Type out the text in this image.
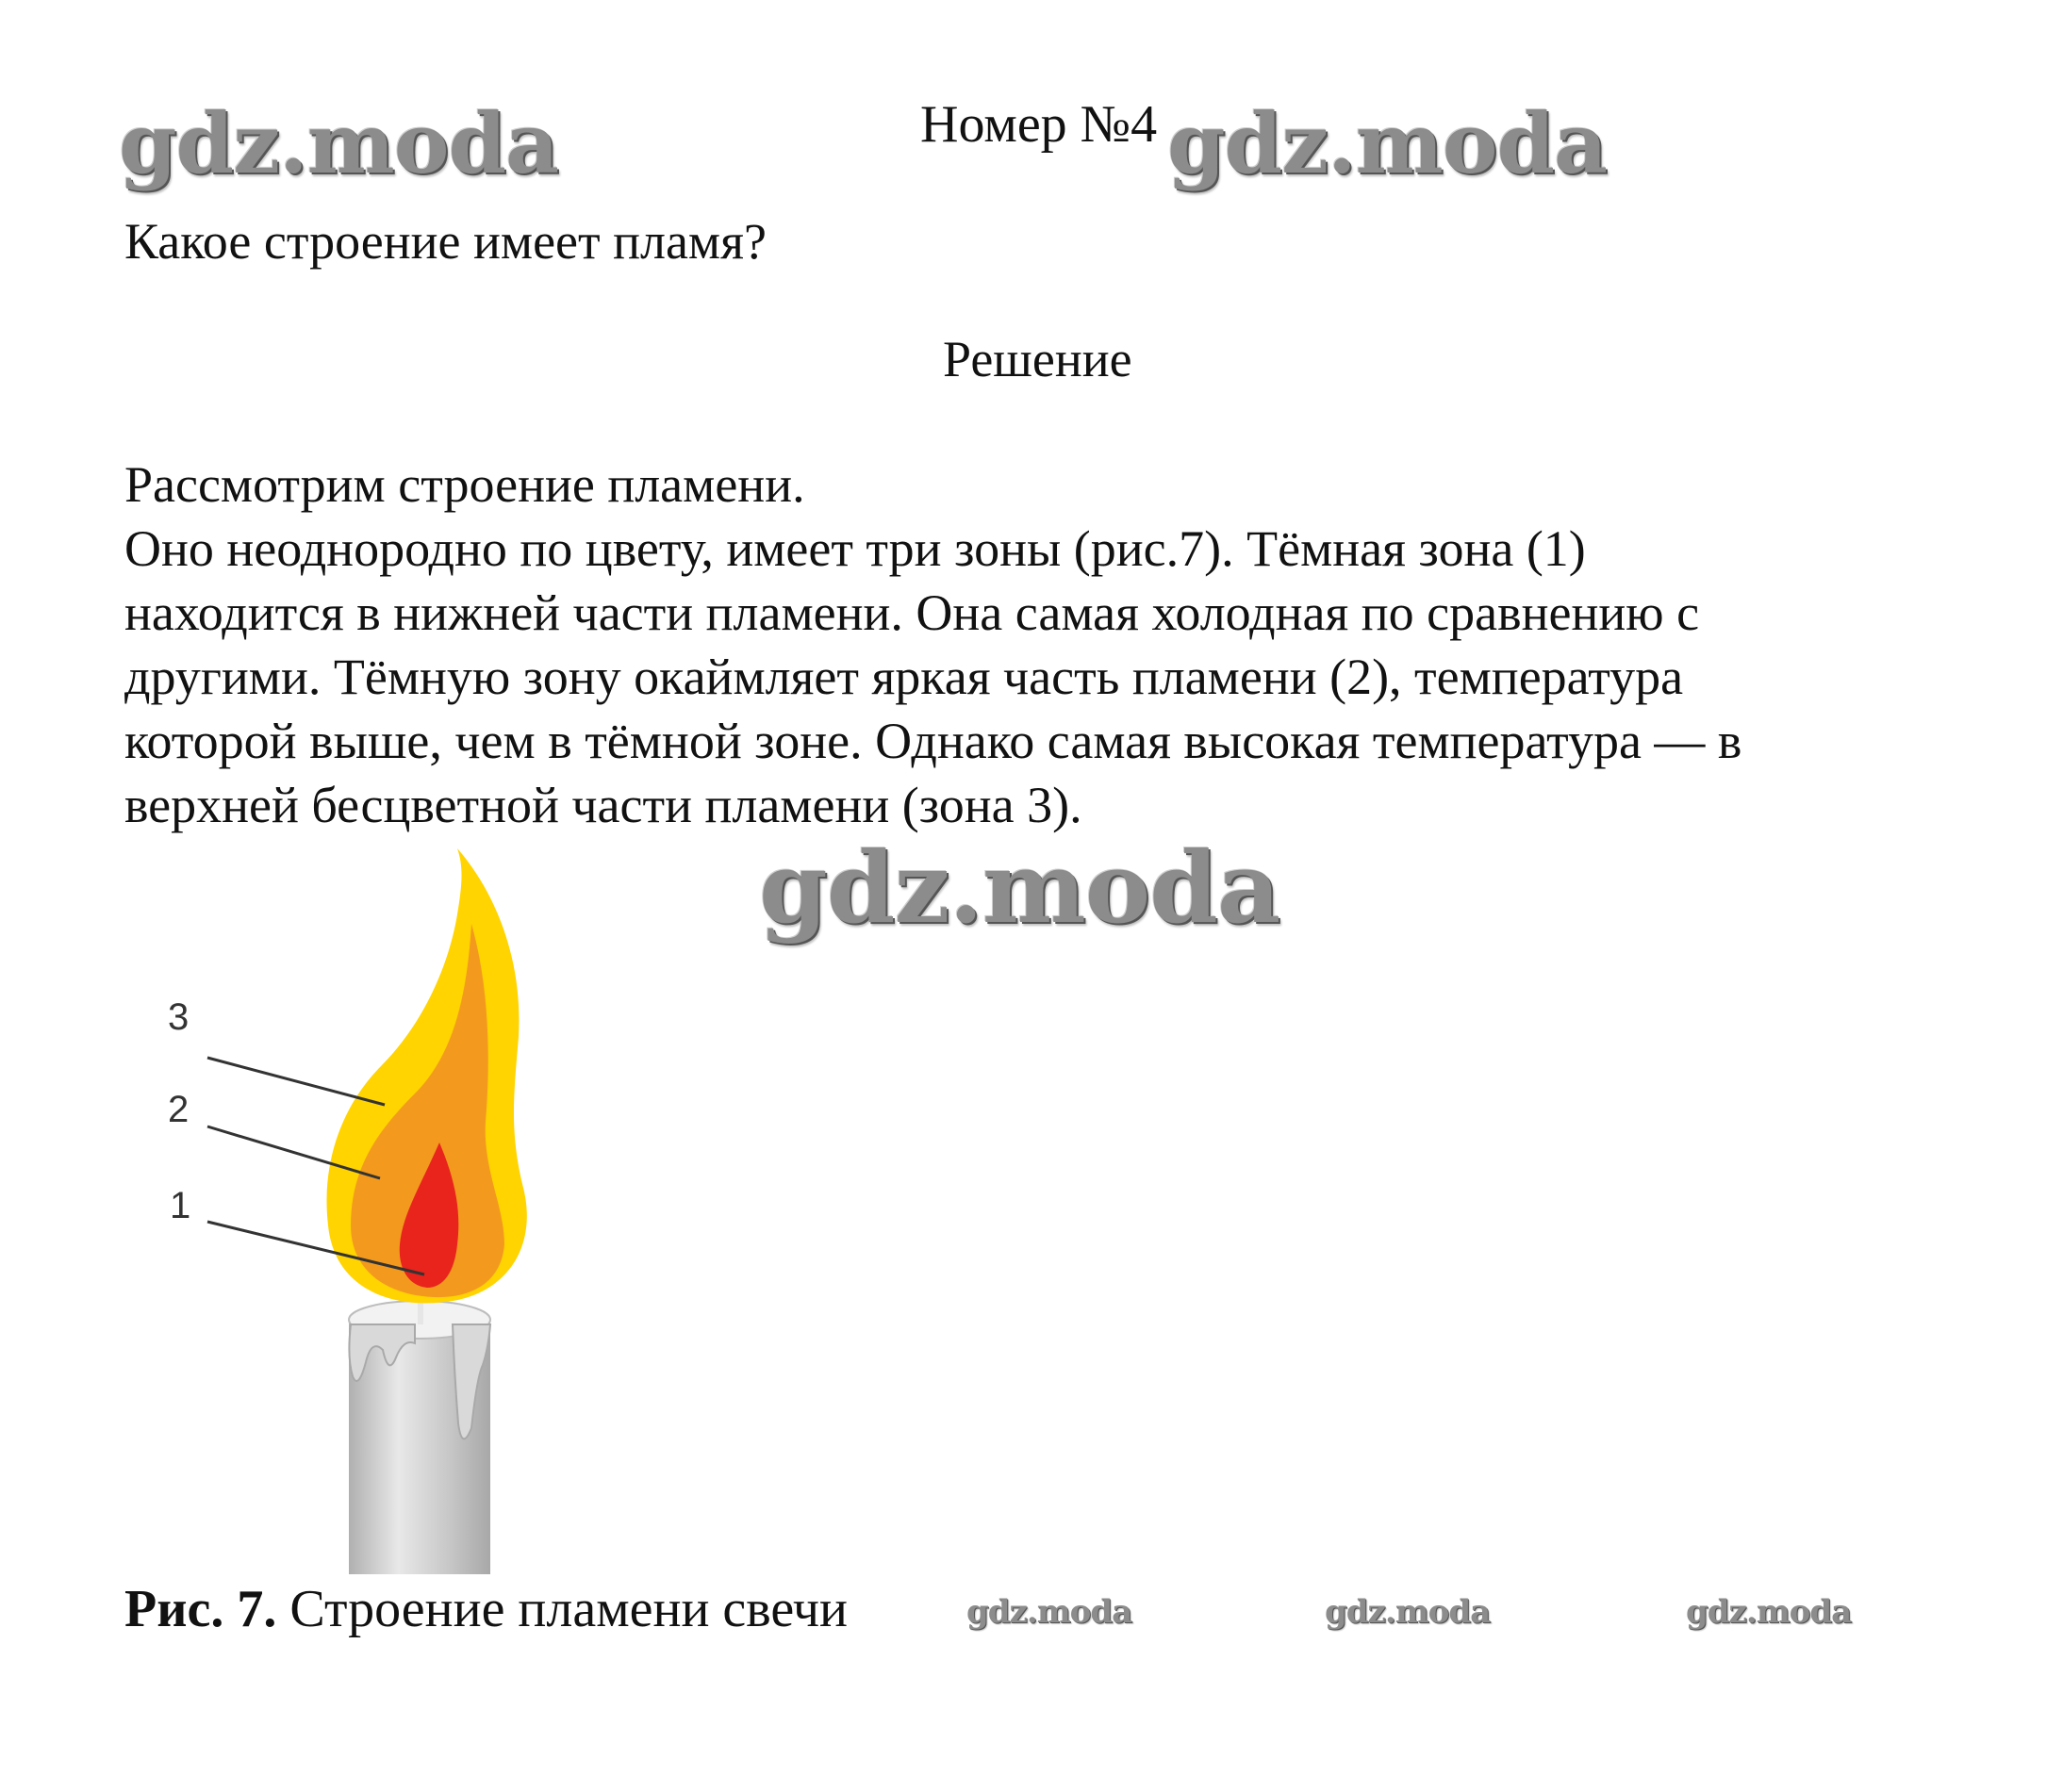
gdz.moda	Номер №4 gdz.moda
Какое строение имеет пламя?
Решение

Рассмотрим строение пламени.

Оно неоднородно по цвету, имеет три зоны (рис.7). Тёмная зона (1)

находится в нижней части пламени. Она самая холодная по сравнению с

другими. Тёмную зону окаймляет яркая часть пламени (2), температура

которой выше, чем в тёмной зоне. Однако самая высокая температура — в

верхней бесцветной части пламени (зона 3).

gdz.moda
3
2
1
Рис. 7. Строение пламени свечи	gdz.moda	gdz.moda	gdz.moda
